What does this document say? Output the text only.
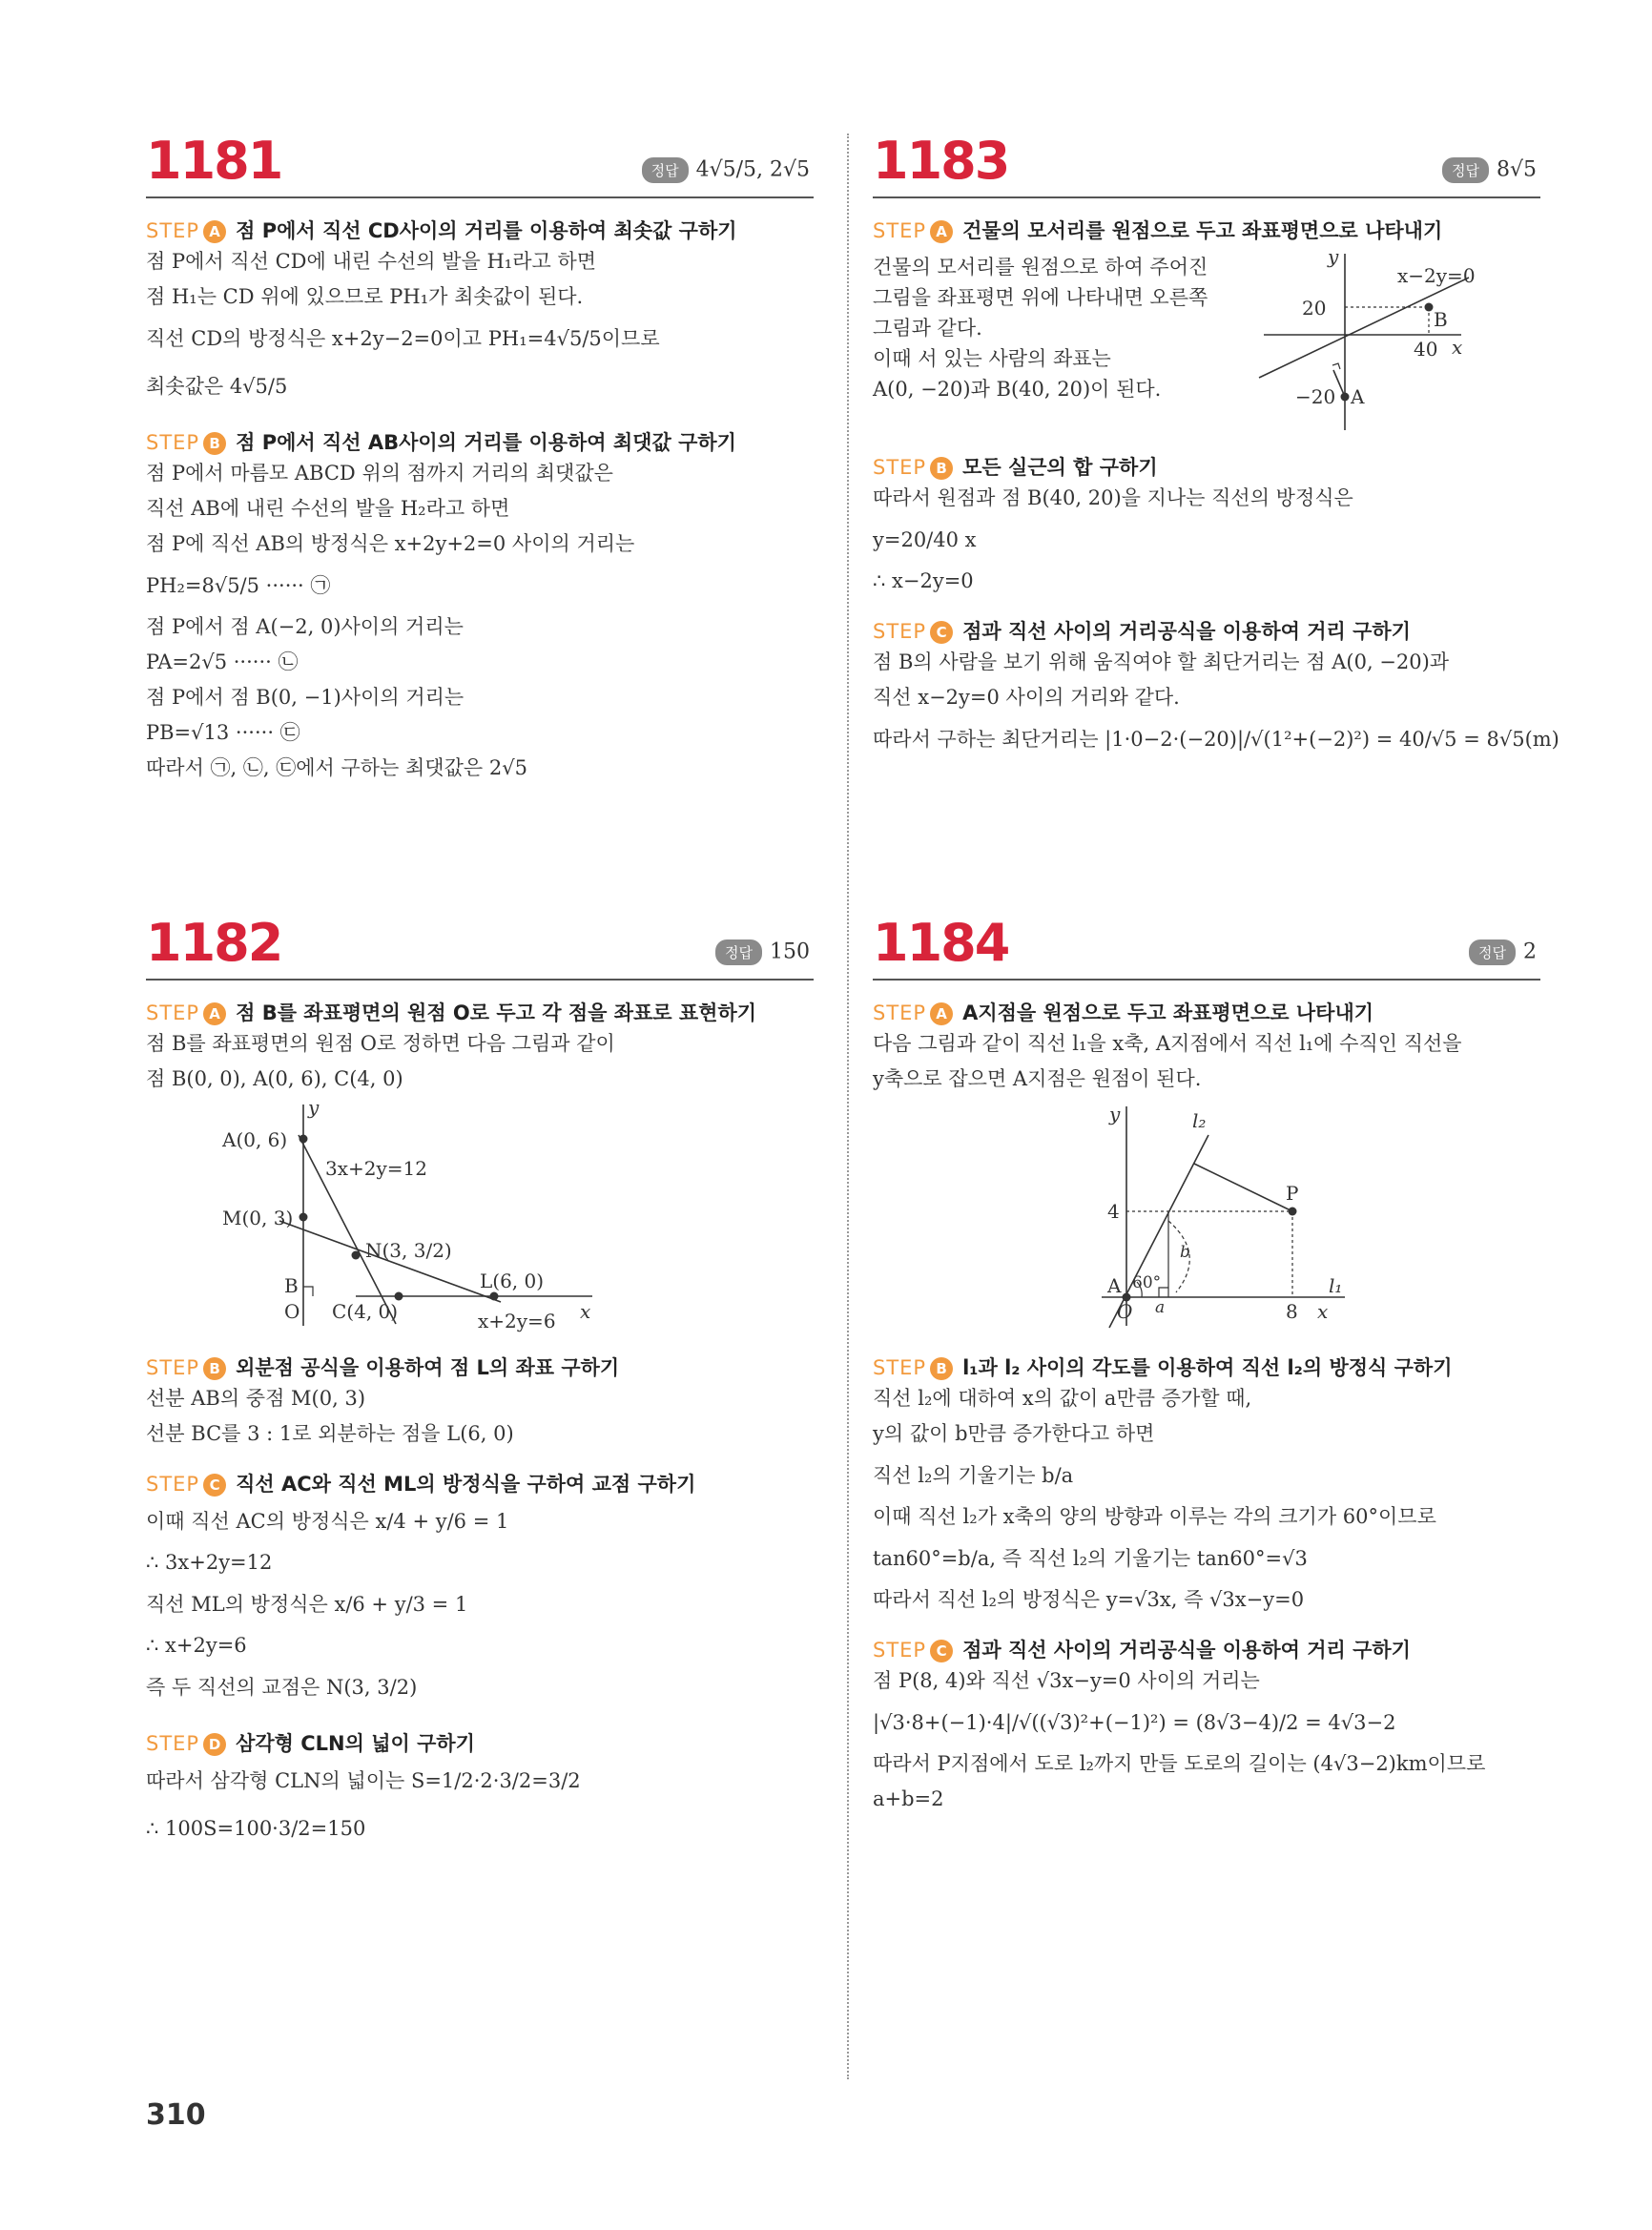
1181	정답 4√5/5, 2√5
STEP A 점 P에서 직선 CD사이의 거리를 이용하여 최솟값 구하기
점 P에서 직선 CD에 내린 수선의 발을 H₁라고 하면
점 H₁는 CD 위에 있으므로 PH₁가 최솟값이 된다.
직선 CD의 방정식은 x+2y−2=0이고 PH₁=4√5/5이므로
최솟값은 4√5/5
STEP B 점 P에서 직선 AB사이의 거리를 이용하여 최댓값 구하기
점 P에서 마름모 ABCD 위의 점까지 거리의 최댓값은
직선 AB에 내린 수선의 발을 H₂라고 하면
점 P에 직선 AB의 방정식은 x+2y+2=0 사이의 거리는
PH₂=8√5/5 ······ ㉠
점 P에서 점 A(−2, 0)사이의 거리는
PA=2√5 ······ ㉡
점 P에서 점 B(0, −1)사이의 거리는
PB=√13 ······ ㉢
따라서 ㉠, ㉡, ㉢에서 구하는 최댓값은 2√5
1182	정답 150
STEP A 점 B를 좌표평면의 원점 O로 두고 각 점을 좌표로 표현하기
점 B를 좌표평면의 원점 O로 정하면 다음 그림과 같이
점 B(0, 0), A(0, 6), C(4, 0)
y
x
A(0, 6)
M(0, 3)
N(3, 3/2)
B
O C(4, 0)
L(6, 0)
3x+2y=12
x+2y=6
STEP B 외분점 공식을 이용하여 점 L의 좌표 구하기
선분 AB의 중점 M(0, 3)
선분 BC를 3 : 1로 외분하는 점을 L(6, 0)
STEP C 직선 AC와 직선 ML의 방정식을 구하여 교점 구하기
이때 직선 AC의 방정식은 x/4 + y/6 = 1
∴ 3x+2y=12
직선 ML의 방정식은 x/6 + y/3 = 1
∴ x+2y=6
즉 두 직선의 교점은 N(3, 3/2)
STEP D 삼각형 CLN의 넓이 구하기
따라서 삼각형 CLN의 넓이는 S=1/2·2·3/2=3/2
∴ 100S=100·3/2=150
1183	정답 8√5
STEP A 건물의 모서리를 원점으로 두고 좌표평면으로 나타내기
건물의 모서리를 원점으로 하여 주어진
그림을 좌표평면 위에 나타내면 오른쪽
그림과 같다.
이때 서 있는 사람의 좌표는
A(0, −20)과 B(40, 20)이 된다.
y
x
x−2y=0
20
40
B
−20 A
STEP B 모든 실근의 합 구하기
따라서 원점과 점 B(40, 20)을 지나는 직선의 방정식은
y=20/40 x
∴ x−2y=0
STEP C 점과 직선 사이의 거리공식을 이용하여 거리 구하기
점 B의 사람을 보기 위해 움직여야 할 최단거리는 점 A(0, −20)과
직선 x−2y=0 사이의 거리와 같다.
따라서 구하는 최단거리는 |1·0−2·(−20)|/√(1²+(−2)²) = 40/√5 = 8√5(m)
1184	정답 2
STEP A A지점을 원점으로 두고 좌표평면으로 나타내기
다음 그림과 같이 직선 l₁을 x축, A지점에서 직선 l₁에 수직인 직선을
y축으로 잡으면 A지점은 원점이 된다.
y
x
l₁
l₂
P
4
8
A
O
60°
a
b
STEP B l₁과 l₂ 사이의 각도를 이용하여 직선 l₂의 방정식 구하기
직선 l₂에 대하여 x의 값이 a만큼 증가할 때,
y의 값이 b만큼 증가한다고 하면
직선 l₂의 기울기는 b/a
이때 직선 l₂가 x축의 양의 방향과 이루는 각의 크기가 60°이므로
tan60°=b/a, 즉 직선 l₂의 기울기는 tan60°=√3
따라서 직선 l₂의 방정식은 y=√3x, 즉 √3x−y=0
STEP C 점과 직선 사이의 거리공식을 이용하여 거리 구하기
점 P(8, 4)와 직선 √3x−y=0 사이의 거리는
|√3·8+(−1)·4|/√((√3)²+(−1)²) = (8√3−4)/2 = 4√3−2
따라서 P지점에서 도로 l₂까지 만들 도로의 길이는 (4√3−2)km이므로
a+b=2
310
